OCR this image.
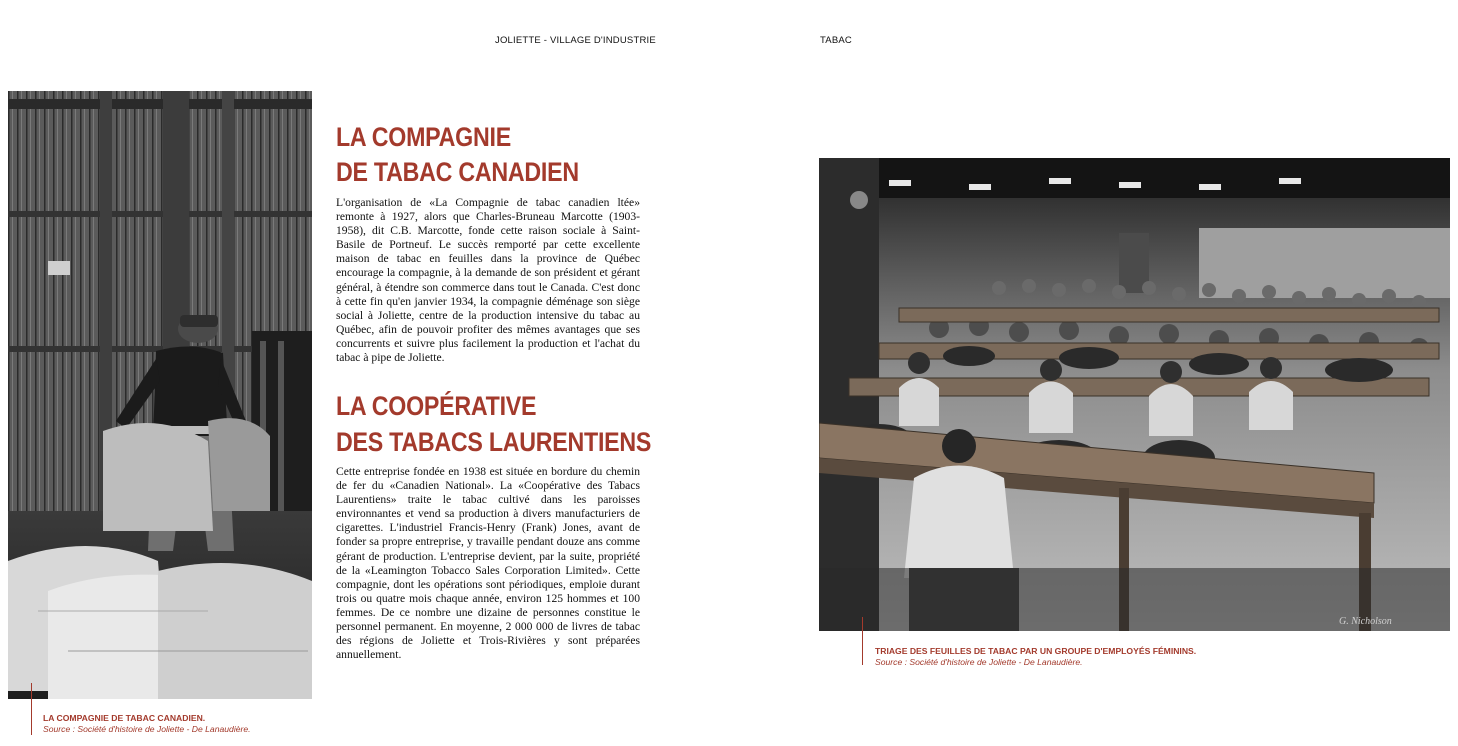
JOLIETTE - VILLAGE D'INDUSTRIE	TABAC
LA COMPAGNIE
DE TABAC CANADIEN

L'organisation de «La Compagnie de tabac canadien ltée» remonte à 1927, alors que Charles-Bruneau Marcotte (1903-1958), dit C.B. Marcotte, fonde cette raison sociale à Saint-Basile de Portneuf. Le succès remporté par cette excellente maison de tabac en feuilles dans la province de Québec encourage la compagnie, à la demande de son président et gérant général, à étendre son commerce dans tout le Canada. C'est donc à cette fin qu'en janvier 1934, la compagnie déménage son siège social à Joliette, centre de la production intensive du tabac au Québec, afin de pouvoir profiter des mêmes avantages que ses concurrents et suivre plus facilement la production et l'achat du tabac à pipe de Joliette.

LA COOPÉRATIVE
DES TABACS LAURENTIENS

Cette entreprise fondée en 1938 est située en bordure du chemin de fer du «Canadien National». La «Coopérative des Tabacs Laurentiens» traite le tabac cultivé dans les paroisses environnantes et vend sa production à divers manufacturiers de cigarettes. L'industriel Francis-Henry (Frank) Jones, avant de fonder sa propre entreprise, y travaille pendant douze ans comme gérant de production. L'entreprise devient, par la suite, propriété de la «Leamington Tobacco Sales Corporation Limited». Cette compagnie, dont les opérations sont périodiques, emploie durant trois ou quatre mois chaque année, environ 125 hommes et 100 femmes. De ce nombre une dizaine de personnes constitue le personnel permanent. En moyenne, 2 000 000 de livres de tabac des régions de Joliette et Trois-Rivières y sont préparées annuellement.

G. Nicholson
LA COMPAGNIE DE TABAC CANADIEN.
Source : Société d'histoire de Joliette - De Lanaudière.
TRIAGE DES FEUILLES DE TABAC PAR UN GROUPE D'EMPLOYÉS FÉMININS.
Source : Société d'histoire de Joliette - De Lanaudière.
